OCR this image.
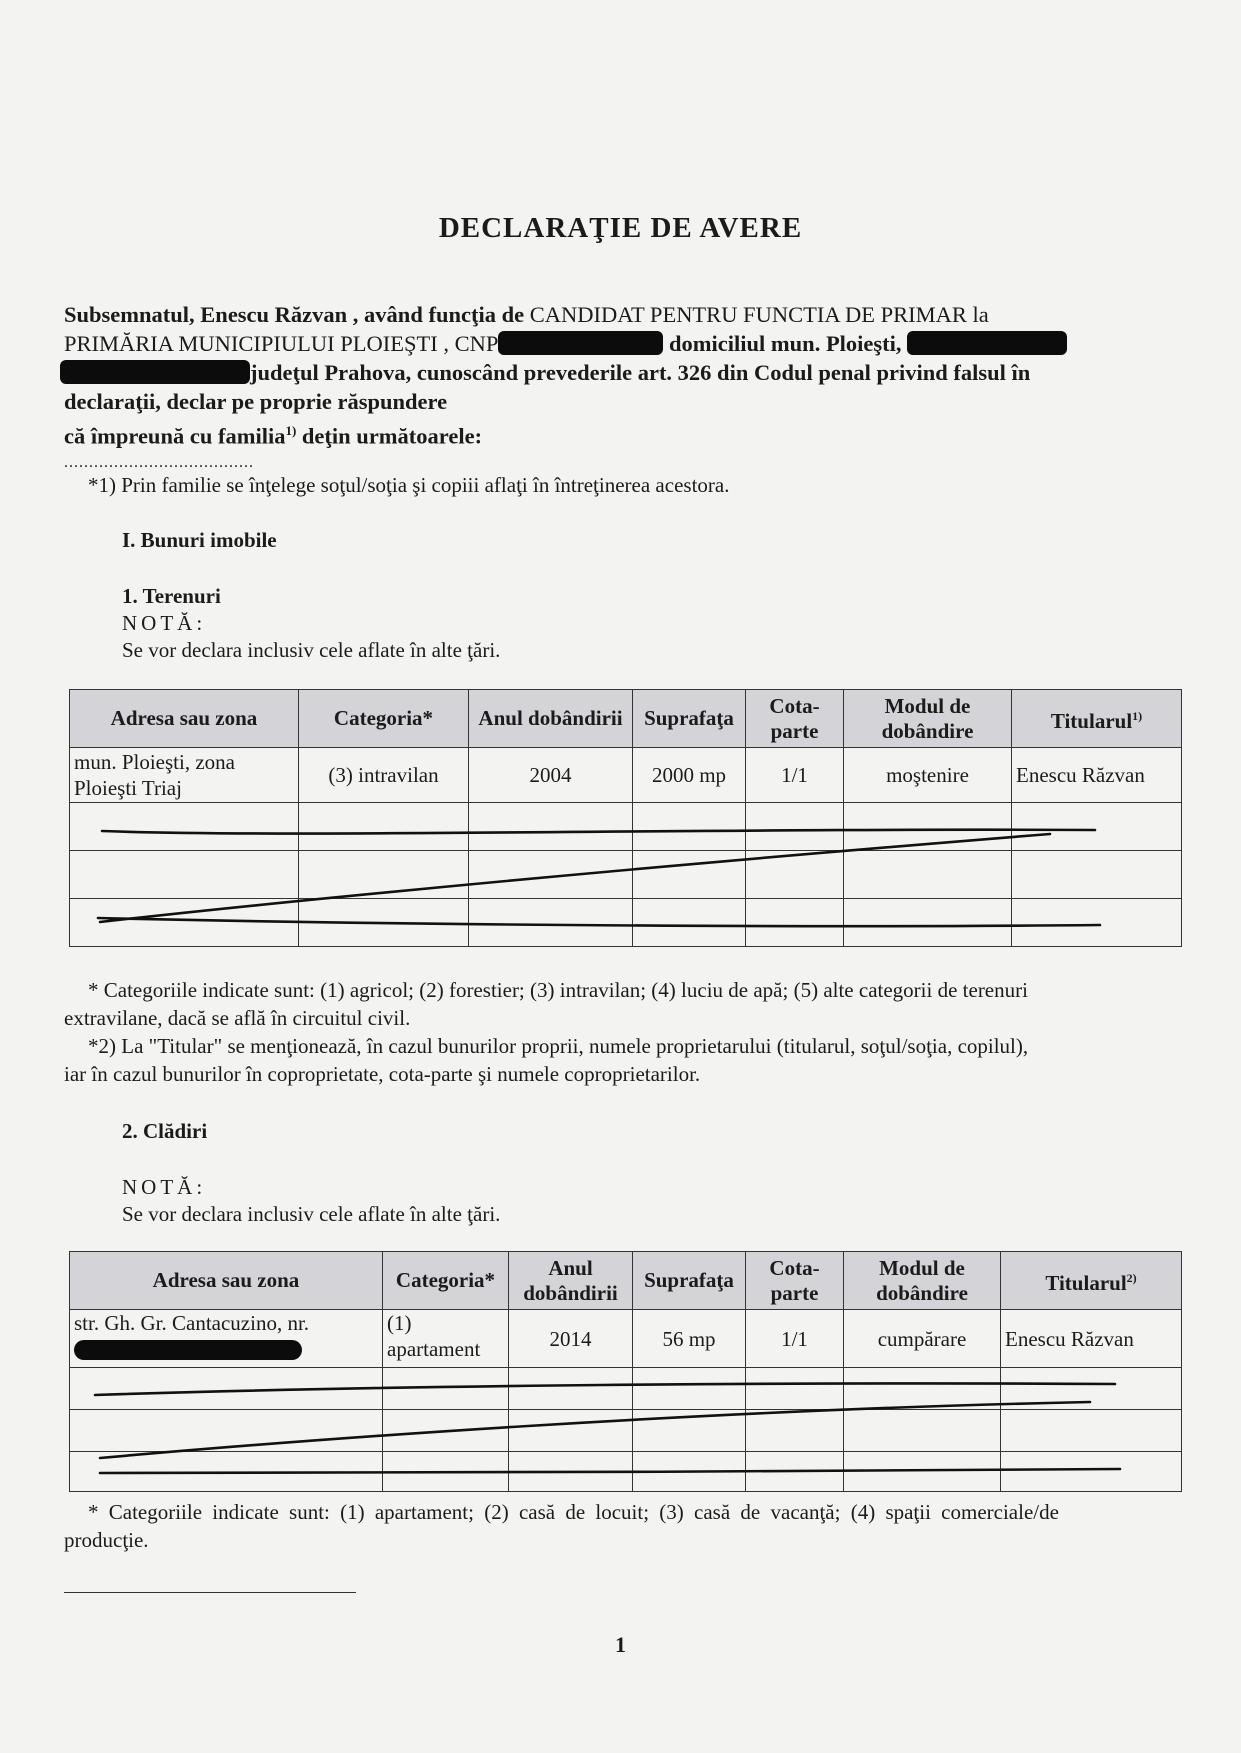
DECLARAŢIE DE AVERE
Subsemnatul, Enescu Răzvan , având funcţia de CANDIDAT PENTRU FUNCTIA DE PRIMAR la
PRIMĂRIA MUNICIPIULUI PLOIEŞTI , CNP	domiciliul mun. Ploieşti,
judeţul Prahova, cunoscând prevederile art. 326 din Codul penal privind falsul în
declaraţii, declar pe proprie răspundere
că împreună cu familia$^{1)}$ deţin următoarele:
......................................
*1) Prin familie se înţelege soţul/soţia şi copiii aflaţi în întreţinerea acestora.
I. Bunuri imobile
1. Terenuri
NOTĂ:
Se vor declara inclusiv cele aflate în alte ţări.
Adresa sau zona	Categoria*	Anul dobândirii	Suprafaţa	Cota-parte	Modul de dobândire	Titularul$^{1)}$
mun. Ploieşti, zona Ploieşti Triaj	(3) intravilan	2004	2000 mp	1/1	moştenire	Enescu Răzvan

* Categoriile indicate sunt: (1) agricol; (2) forestier; (3) intravilan; (4) luciu de apă; (5) alte categorii de terenuri
extravilane, dacă se află în circuitul civil.
*2) La "Titular" se menţionează, în cazul bunurilor proprii, numele proprietarului (titularul, soţul/soţia, copilul),
iar în cazul bunurilor în coproprietate, cota-parte şi numele coproprietarilor.
2. Clădiri
NOTĂ:
Se vor declara inclusiv cele aflate în alte ţări.
Adresa sau zona	Categoria*	Anul dobândirii	Suprafaţa	Cota-parte	Modul de dobândire	Titularul$^{2)}$
str. Gh. Gr. Cantacuzino, nr.	(1) apartament	2014	56 mp	1/1	cumpărare	Enescu Răzvan

* Categoriile indicate sunt: (1) apartament; (2) casă de locuit; (3) casă de vacanţă; (4) spaţii comerciale/de
producţie.
1
